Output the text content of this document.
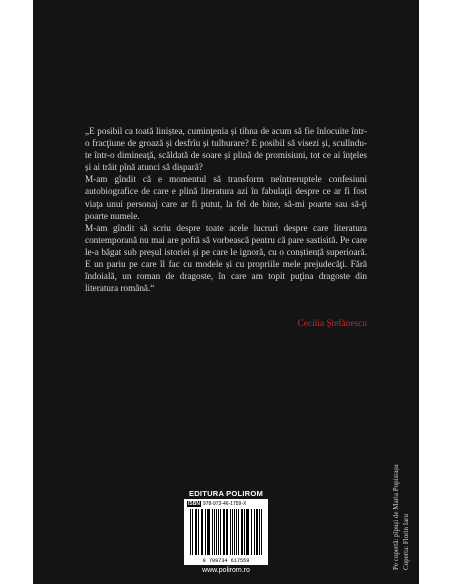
„E posibil ca toată liniștea, cuminţenia și tihna de acum să fie înlocuite într-o fracţiune de groază și desfrîu și tulburare? E posibil să visezi și, sculîndu-te într-o dimineaţă, scăldată de soare și plină de promisiuni, tot ce ai înţeles și ai trăit pînă atunci să dispară?

M-am gîndit că e momentul să transform neîntreruptele confesiuni autobiografice de care e plină literatura azi în fabulaţii despre ce ar fi fost viaţa unui personaj care ar fi putut, la fel de bine, să-mi poarte sau să-ţi poarte numele.

M-am gîndit să scriu despre toate acele lucruri despre care literatura contemporană nu mai are poftă să vorbească pentru că pare sastisită. Pe care le-a băgat sub preșul istoriei și pe care le ignoră, cu o conștiență superioară. E un pariu pe care îl fac cu modele și cu propriile mele prejudecăţi. Fără îndoială, un roman de dragoste, în care am topit puţina dragoste din literatura română.“

Cecilia Ștefănescu
Pe copertă: pĭpuși de Maria Popistașu Coperta: Florin Iaru
EDITURA POLIROM
ISBN 978-973-46-1759-X
9 789734 617559
www.polirom.ro
